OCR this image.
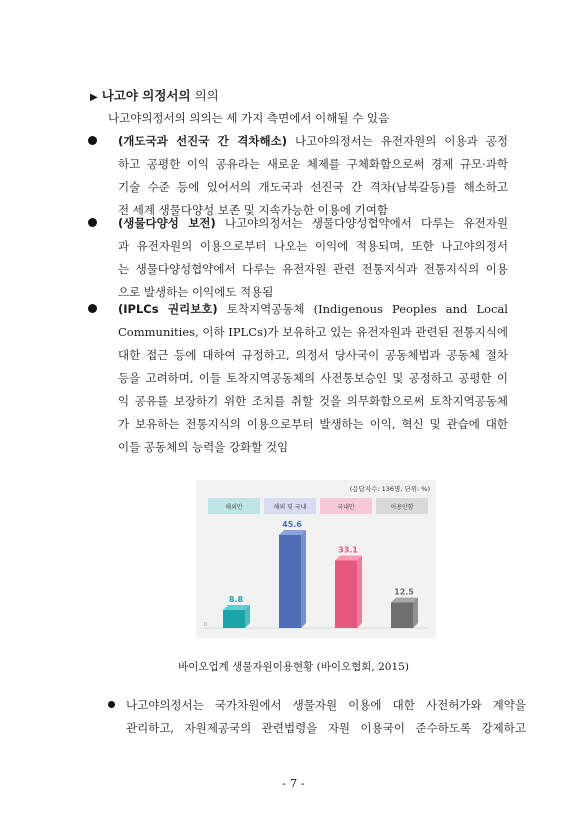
▶ 나고야 의정서의 의의
나고야의정서의 의의는 세 가지 측면에서 이해될 수 있음
(개도국과 선진국 간 격차해소) 나고야의정서는 유전자원의 이용과 공정
하고 공평한 이익 공유라는 새로운 체제를 구체화함으로써 경제 규모·과학
기술 수준 등에 있어서의 개도국과 선진국 간 격차(남북갈등)를 해소하고
전 세계 생물다양성 보존 및 지속가능한 이용에 기여함
(생물다양성 보전) 나고야의정서는 생물다양성협약에서 다루는 유전자원
과 유전자원의 이용으로부터 나오는 이익에 적용되며, 또한 나고야의정서
는 생물다양성협약에서 다루는 유전자원 관련 전통지식과 전통지식의 이용
으로 발생하는 이익에도 적용됨
(IPLCs 권리보호) 토착지역공동체 (Indigenous Peoples and Local
Communities, 이하 IPLCs)가 보유하고 있는 유전자원과 관련된 전통지식에
대한 접근 등에 대하여 규정하고, 의정서 당사국이 공동체법과 공동체 절차
등을 고려하며, 이들 토착지역공동체의 사전통보승인 및 공정하고 공평한 이
익 공유를 보장하기 위한 조치를 취할 것을 의무화함으로써 토착지역공동체
가 보유하는 전통지식의 이용으로부터 발생하는 이익, 혁신 및 관습에 대한
이들 공동체의 능력을 강화할 것임
(응답자수: 136명, 단위: %)
0
해외만
8.8
해외 및 국내
45.6
국내만
33.1
이용안함
12.5
바이오업계 생물자원이용현황 (바이오협회, 2015)
나고야의정서는 국가차원에서 생물자원 이용에 대한 사전허가와 계약을
관리하고, 자원제공국의 관련법령을 자원 이용국이 준수하도록 강제하고
- 7 -
